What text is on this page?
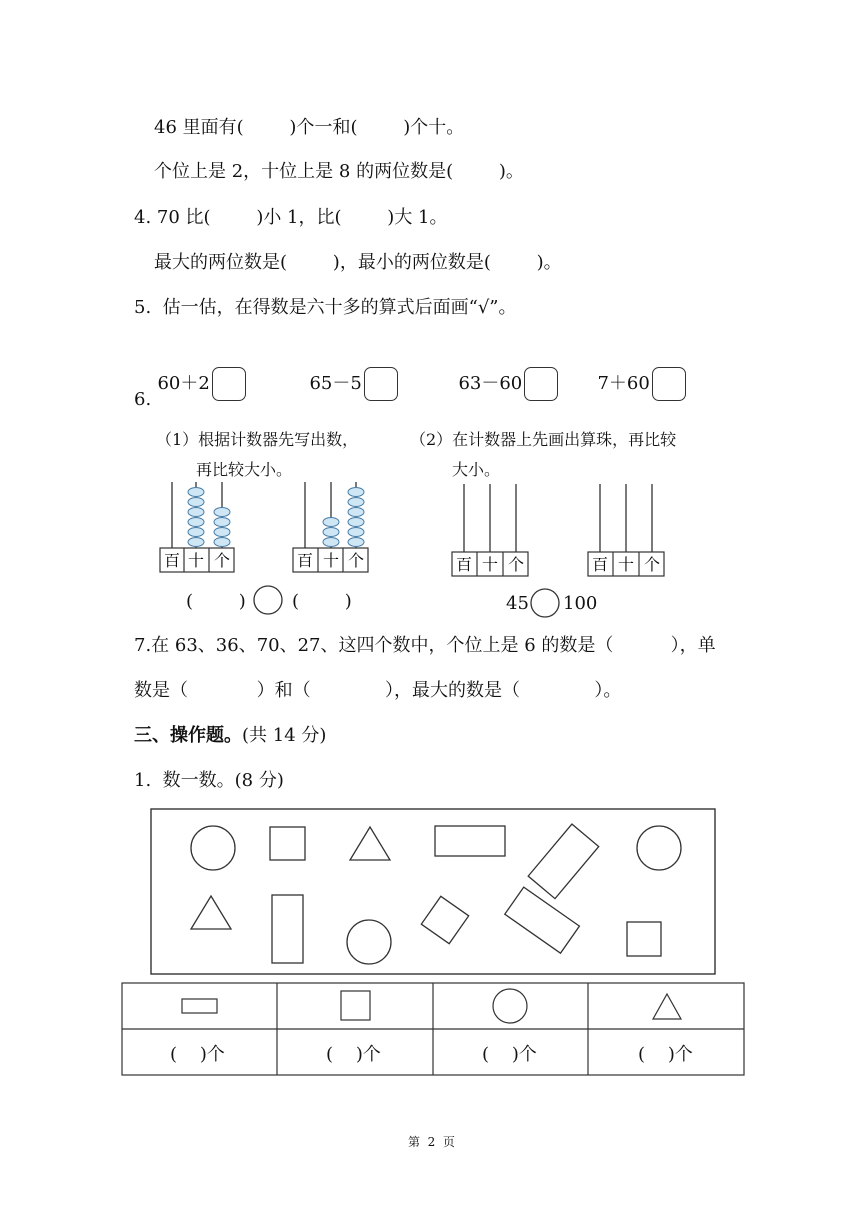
46 里面有(        )个一和(        )个十。
个位上是 2，十位上是 8 的两位数是(        )。
4. 70 比(        )小 1，比(        )大 1。
最大的两位数是(        )，最小的两位数是(        )。
5.  估一估，在得数是六十多的算式后面画“√”。

60＋2	65－5	63－60	7＋60

6.
（1）根据计数器先写出数，
再比较大小。
（2）在计数器上先画出算珠，再比较
大小。
百 十 个	百 十 个	百 十 个	百 十 个
(        )	(        )	45 100
7.在 63、36、70、27、这四个数中，个位上是 6 的数是（          ），单
数是（            ）和（             ），最大的数是（             ）。
三、操作题。(共 14 分)
1.  数一数。(8 分)
(    )个	(    )个	(    )个	(    )个
第  2  页
